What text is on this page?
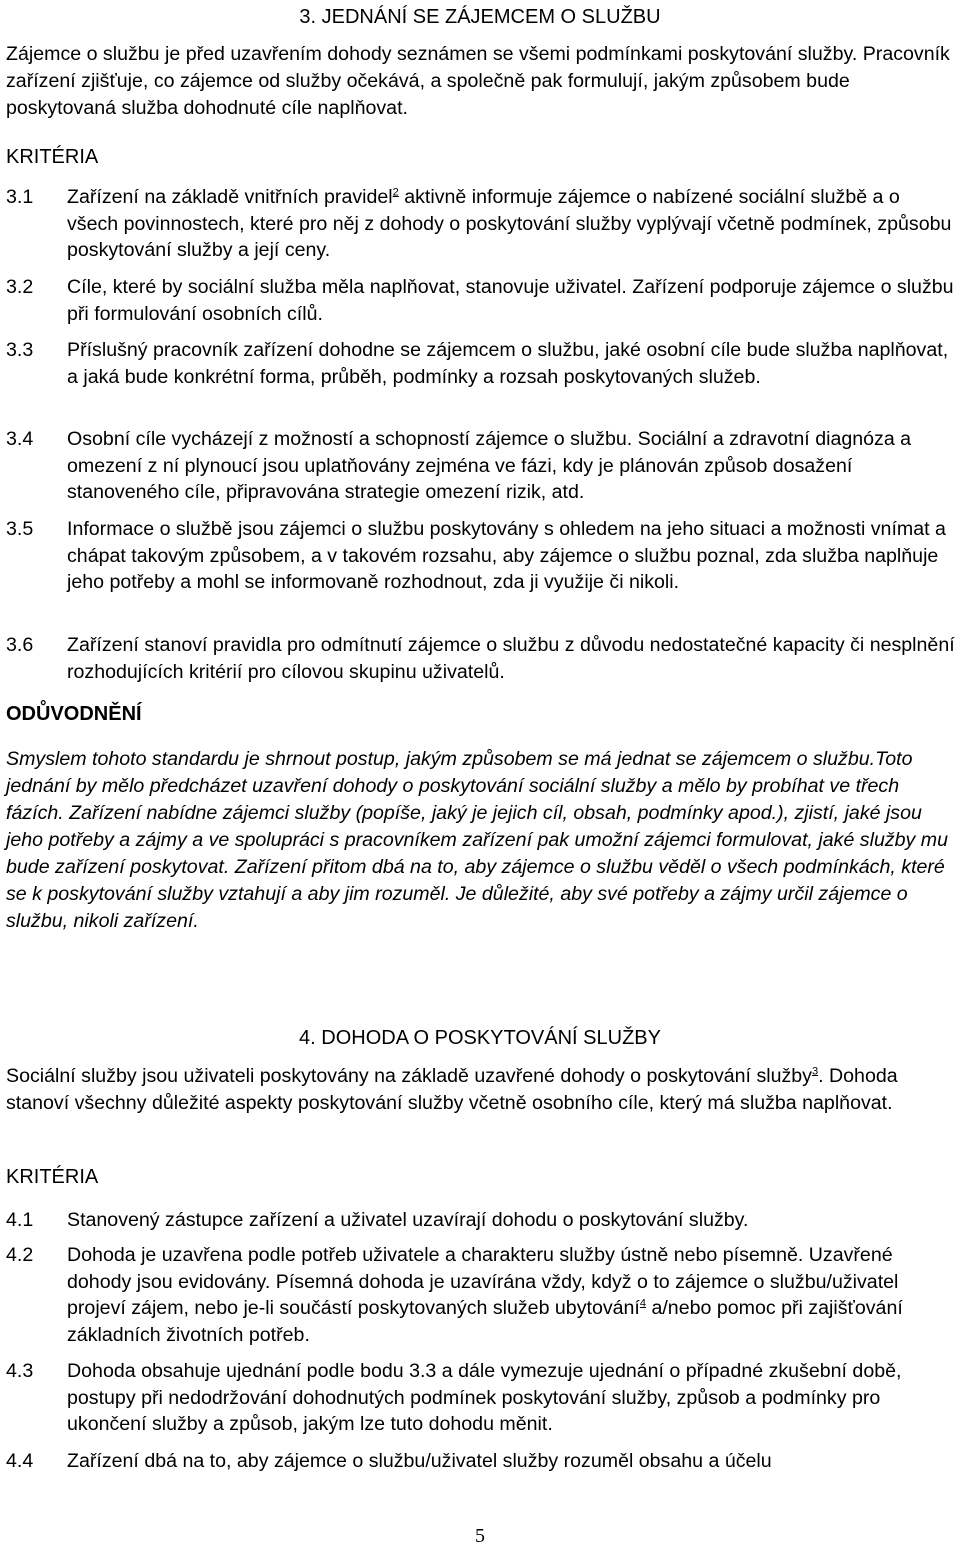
3. JEDNÁNÍ SE ZÁJEMCEM O SLUŽBU

Zájemce o službu je před uzavřením dohody seznámen se všemi podmínkami poskytování služby. Pracovník zařízení zjišťuje, co zájemce od služby očekává, a společně pak formulují, jakým způsobem bude poskytovaná služba dohodnuté cíle naplňovat.

KRITÉRIA
3.1	Zařízení na základě vnitřních pravidel$^2$ aktivně informuje zájemce o nabízené sociální službě a o všech povinnostech, které pro něj z dohody o poskytování služby vyplývají včetně podmínek, způsobu poskytování služby a její ceny.
3.2	Cíle, které by sociální služba měla naplňovat, stanovuje uživatel. Zařízení podporuje zájemce o službu při formulování osobních cílů.
3.3	Příslušný pracovník zařízení dohodne se zájemcem o službu, jaké osobní cíle bude služba naplňovat, a jaká bude konkrétní forma, průběh, podmínky a rozsah poskytovaných služeb.
3.4	Osobní cíle vycházejí z možností a schopností zájemce o službu. Sociální a zdravotní diagnóza a omezení z ní plynoucí jsou uplatňovány zejména ve fázi, kdy je plánován způsob dosažení stanoveného cíle, připravována strategie omezení rizik, atd.
3.5	Informace o službě jsou zájemci o službu poskytovány s ohledem na jeho situaci a možnosti vnímat a chápat takovým způsobem, a v takovém rozsahu, aby zájemce o službu poznal, zda služba naplňuje jeho potřeby a mohl se informovaně rozhodnout, zda ji využije či nikoli.
3.6	Zařízení stanoví pravidla pro odmítnutí zájemce o službu z důvodu nedostatečné kapacity či nesplnění rozhodujících kritérií pro cílovou skupinu uživatelů.
ODŮVODNĚNÍ

Smyslem tohoto standardu je shrnout postup, jakým způsobem se má jednat se zájemcem o službu.Toto jednání by mělo předcházet uzavření dohody o poskytování sociální služby a mělo by probíhat ve třech fázích. Zařízení nabídne zájemci služby (popíše, jaký je jejich cíl, obsah, podmínky apod.), zjistí, jaké jsou jeho potřeby a zájmy a ve spolupráci s pracovníkem zařízení pak umožní zájemci formulovat, jaké služby mu bude zařízení poskytovat. Zařízení přitom dbá na to, aby zájemce o službu věděl o všech podmínkách, které se k poskytování služby vztahují a aby jim rozuměl. Je důležité, aby své potřeby a zájmy určil zájemce o službu, nikoli zařízení.

4. DOHODA O POSKYTOVÁNÍ SLUŽBY

Sociální služby jsou uživateli poskytovány na základě uzavřené dohody o poskytování služby$^3$. Dohoda stanoví všechny důležité aspekty poskytování služby včetně osobního cíle, který má služba naplňovat.

KRITÉRIA
4.1	Stanovený zástupce zařízení a uživatel uzavírají dohodu o poskytování služby.
4.2	Dohoda je uzavřena podle potřeb uživatele a charakteru služby ústně nebo písemně. Uzavřené dohody jsou evidovány. Písemná dohoda je uzavírána vždy, když o to zájemce o službu/uživatel projeví zájem, nebo je-li součástí poskytovaných služeb ubytování$^4$ a/nebo pomoc při zajišťování základních životních potřeb.
4.3	Dohoda obsahuje ujednání podle bodu 3.3 a dále vymezuje ujednání o případné zkušební době, postupy při nedodržování dohodnutých podmínek poskytování služby, způsob a podmínky pro ukončení služby a způsob, jakým lze tuto dohodu měnit.
4.4	Zařízení dbá na to, aby zájemce o službu/uživatel služby rozuměl obsahu a účelu
5
